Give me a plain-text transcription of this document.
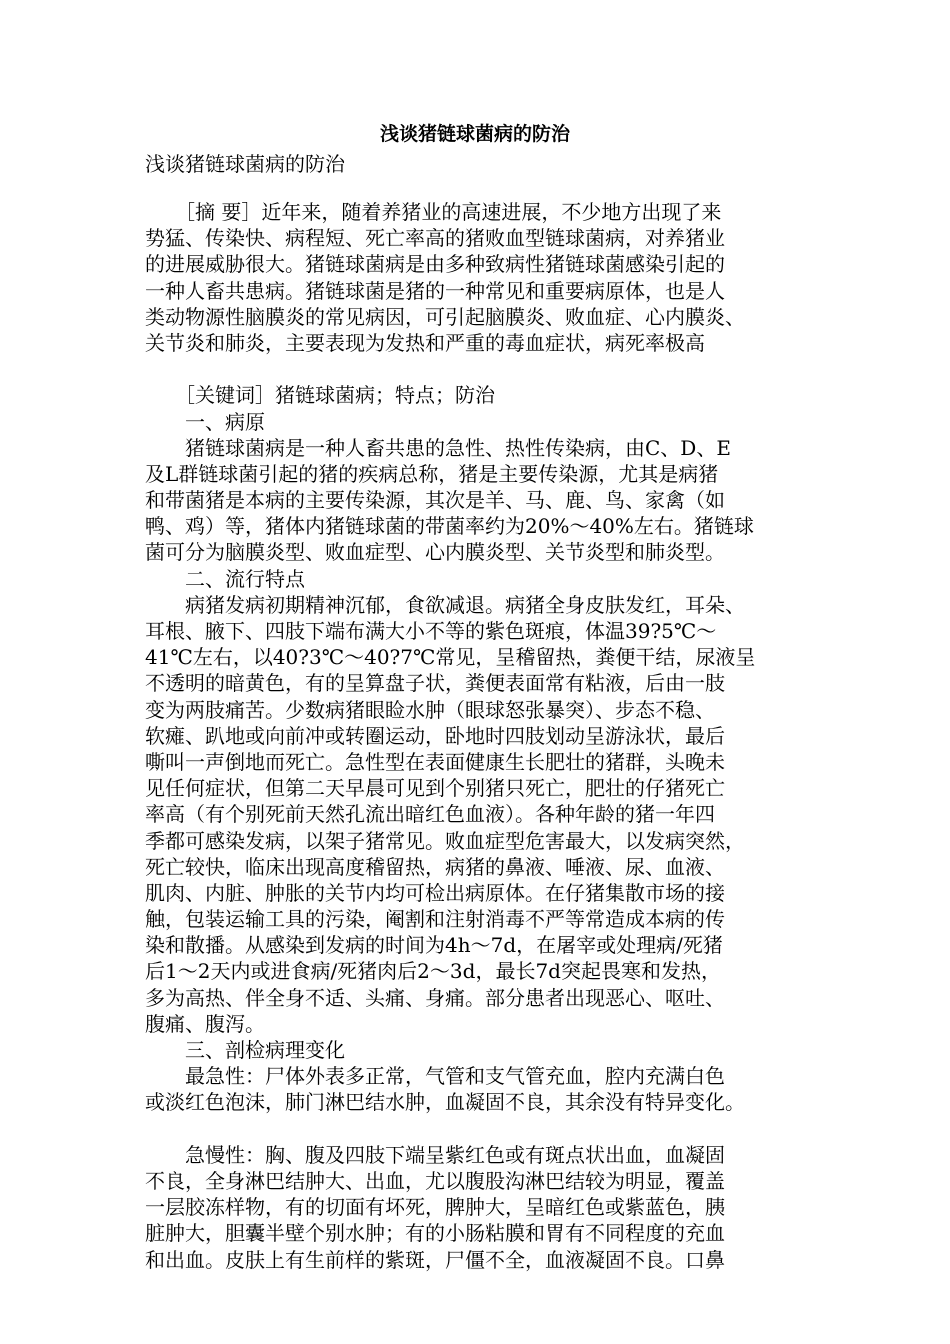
浅谈猪链球菌病的防治
浅谈猪链球菌病的防治
　　［摘 要］近年来，随着养猪业的高速进展，不少地方出现了来
势猛、传染快、病程短、死亡率高的猪败血型链球菌病，对养猪业
的进展威胁很大。猪链球菌病是由多种致病性猪链球菌感染引起的
一种人畜共患病。猪链球菌是猪的一种常见和重要病原体，也是人
类动物源性脑膜炎的常见病因，可引起脑膜炎、败血症、心内膜炎、
关节炎和肺炎，主要表现为发热和严重的毒血症状，病死率极高
　　［关键词］猪链球菌病；特点；防治
　　一、病原
　　猪链球菌病是一种人畜共患的急性、热性传染病，由C、D、E
及L群链球菌引起的猪的疾病总称，猪是主要传染源，尤其是病猪
和带菌猪是本病的主要传染源，其次是羊、马、鹿、鸟、家禽（如
鸭、鸡）等，猪体内猪链球菌的带菌率约为20%～40%左右。猪链球
菌可分为脑膜炎型、败血症型、心内膜炎型、关节炎型和肺炎型。
　　二、流行特点
　　病猪发病初期精神沉郁，食欲减退。病猪全身皮肤发红，耳朵、
耳根、腋下、四肢下端布满大小不等的紫色斑痕，体温39?5℃～
41℃左右，以40?3℃～40?7℃常见，呈稽留热，粪便干结，尿液呈
不透明的暗黄色，有的呈算盘子状，粪便表面常有粘液，后由一肢
变为两肢痛苦。少数病猪眼睑水肿（眼球怒张暴突）、步态不稳、
软瘫、趴地或向前冲或转圈运动，卧地时四肢划动呈游泳状，最后
嘶叫一声倒地而死亡。急性型在表面健康生长肥壮的猪群，头晚未
见任何症状，但第二天早晨可见到个别猪只死亡，肥壮的仔猪死亡
率高（有个别死前天然孔流出暗红色血液）。各种年龄的猪一年四
季都可感染发病，以架子猪常见。败血症型危害最大，以发病突然，
死亡较快，临床出现高度稽留热，病猪的鼻液、唾液、尿、血液、
肌肉、内脏、肿胀的关节内均可检出病原体。在仔猪集散市场的接
触，包装运输工具的污染，阉割和注射消毒不严等常造成本病的传
染和散播。从感染到发病的时间为4h～7d，在屠宰或处理病/死猪
后1～2天内或进食病/死猪肉后2～3d，最长7d突起畏寒和发热，
多为高热、伴全身不适、头痛、身痛。部分患者出现恶心、呕吐、
腹痛、腹泻。
　　三、剖检病理变化
　　最急性：尸体外表多正常，气管和支气管充血，腔内充满白色
或淡红色泡沫，肺门淋巴结水肿，血凝固不良，其余没有特异变化。
　　急慢性：胸、腹及四肢下端呈紫红色或有斑点状出血，血凝固
不良，全身淋巴结肿大、出血，尤以腹股沟淋巴结较为明显，覆盖
一层胶冻样物，有的切面有坏死，脾肿大，呈暗红色或紫蓝色，胰
脏肿大，胆囊半壁个别水肿；有的小肠粘膜和胃有不同程度的充血
和出血。皮肤上有生前样的紫斑，尸僵不全，血液凝固不良。口鼻
